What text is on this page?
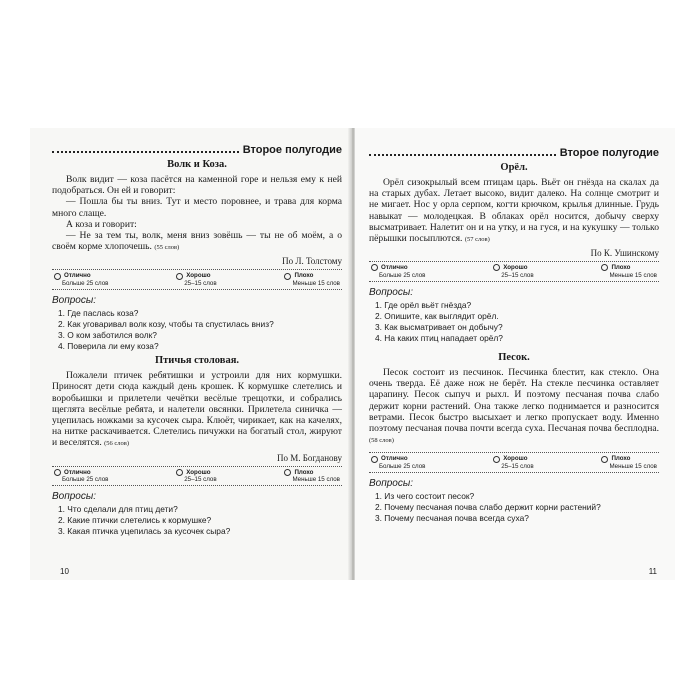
Второе полугодие
Волк и Коза.

Волк видит — коза пасётся на каменной горе и нельзя ему к ней подобраться. Он ей и говорит:

— Пошла бы ты вниз. Тут и место поровнее, и трава для корма много слаще.

А коза и говорит:

— Не за тем ты, волк, меня вниз зовёшь — ты не об моём, а о своём корме хлопочешь. (55 слов)

По Л. Толстому
Отлично
Больше 25 слов
Хорошо
25–15 слов
Плохо
Меньше 15 слов
Вопросы:
1. Где паслась коза?
2. Как уговаривал волк козу, чтобы та спустилась вниз?
3. О ком заботился волк?
4. Поверила ли ему коза?
Птичья столовая.

Пожалели птичек ребятишки и устроили для них кормушки. Приносят дети сюда каждый день крошек. К кормушке слетелись и воробьишки и прилетели чечётки весёлые трещотки, и собрались щеглята весёлые ребята, и налетели овсянки. Прилетела синичка — уцепилась ножками за кусочек сыра. Клюёт, чирикает, как на качелях, на нитке раскачивается. Слетелись пичужки на богатый стол, жируют и веселятся. (56 слов)

По М. Богданову
Отлично
Больше 25 слов
Хорошо
25–15 слов
Плохо
Меньше 15 слов
Вопросы:
1. Что сделали для птиц дети?
2. Какие птички слетелись к кормушке?
3. Какая птичка уцепилась за кусочек сыра?
10
Второе полугодие
Орёл.

Орёл сизокрылый всем птицам царь. Вьёт он гнёзда на скалах да на старых дубах. Летает высоко, видит далеко. На солнце смотрит и не мигает. Нос у орла серпом, когти крючком, крылья длинные. Грудь навыкат — молодецкая. В облаках орёл носится, добычу сверху высматривает. Налетит он и на утку, и на гуся, и на кукушку — только пёрышки посыплются. (57 слов)

По К. Ушинскому
Отлично
Больше 25 слов
Хорошо
25–15 слов
Плохо
Меньше 15 слов
Вопросы:
1. Где орёл вьёт гнёзда?
2. Опишите, как выглядит орёл.
3. Как высматривает он добычу?
4. На каких птиц нападает орёл?
Песок.

Песок состоит из песчинок. Песчинка блестит, как стекло. Она очень тверда. Её даже нож не берёт. На стекле песчинка оставляет царапину. Песок сыпуч и рыхл. И поэтому песчаная почва слабо держит корни растений. Она также легко поднимается и разносится ветрами. Песок быстро высыхает и легко пропускает воду. Именно поэтому песчаная почва почти всегда суха. Песчаная почва бесплодна. (58 слов)

Отлично
Больше 25 слов
Хорошо
25–15 слов
Плохо
Меньше 15 слов
Вопросы:
1. Из чего состоит песок?
2. Почему песчаная почва слабо держит корни растений?
3. Почему песчаная почва всегда суха?
11
